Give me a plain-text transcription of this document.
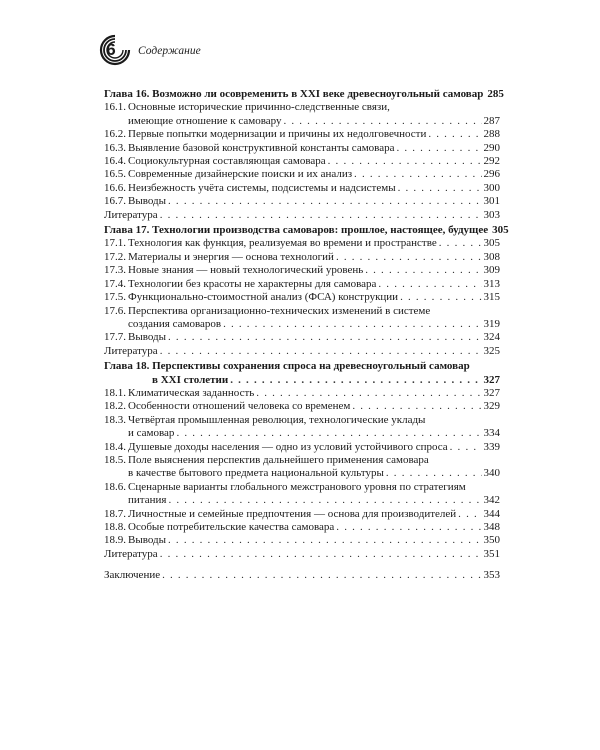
6 Содержание
Глава 16. Возможно ли осовременить в XXI веке древесноугольный самовар 285
16.1. Основные исторические причинно-следственные связи,
имеющие отношение к самовару . . .	287
16.2. Первые попытки модернизации и причины их недолговечности . . .	288
16.3. Выявление базовой конструктивной константы самовара . . .	290
16.4. Социокультурная составляющая самовара . . .	292
16.5. Современные дизайнерские поиски и их анализ . . .	296
16.6. Неизбежность учёта системы, подсистемы и надсистемы . . .	300
16.7. Выводы . . .	301
Литература . . .	303
Глава 17. Технологии производства самоваров: прошлое, настоящее, будущее 305
17.1. Технология как функция, реализуемая во времени и пространстве . . .	305
17.2. Материалы и энергия — основа технологий . . .	308
17.3. Новые знания — новый технологический уровень . . .	309
17.4. Технологии без красоты не характерны для самовара . . .	313
17.5. Функционально-стоимостной анализ (ФСА) конструкции . . .	315
17.6. Перспектива организационно-технических изменений в системе
создания самоваров . . .	319
17.7. Выводы . . .	324
Литература . . .	325
Глава 18. Перспективы сохранения спроса на древесноугольный самовар
в XXI столетии . . .	327
18.1. Климатическая заданность . . .	327
18.2. Особенности отношений человека со временем . . .	329
18.3. Четвёртая промышленная революция, технологические уклады
и самовар . . .	334
18.4. Душевые доходы населения — одно из условий устойчивого спроса . . .	339
18.5. Поле выяснения перспектив дальнейшего применения самовара
в качестве бытового предмета национальной культуры . . .	340
18.6. Сценарные варианты глобального межстранового уровня по стратегиям
питания . . .	342
18.7. Личностные и семейные предпочтения — основа для производителей . . . 344
18.8. Особые потребительские качества самовара . . .	348
18.9. Выводы . . .	350
Литература . . .	351
Заключение . . .	353
